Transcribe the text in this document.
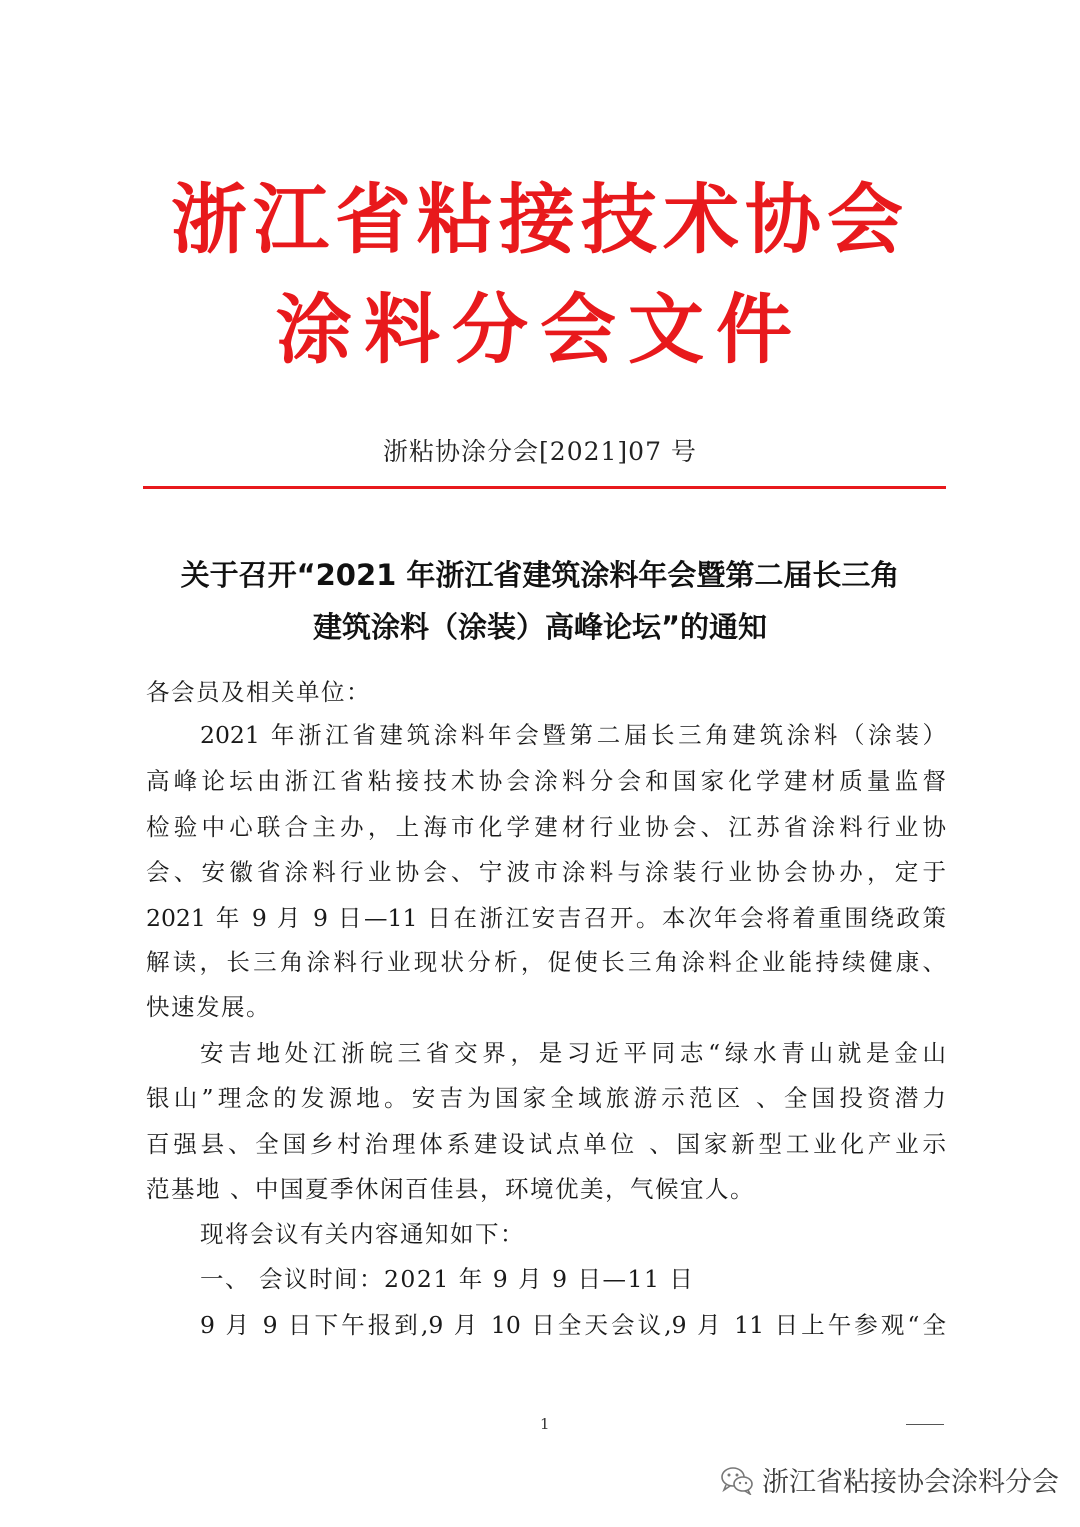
浙江省粘接技术协会
涂料分会文件
浙粘协涂分会[2021]07 号
关于召开“2021 年浙江省建筑涂料年会暨第二届长三角
建筑涂料（涂装）高峰论坛”的通知
各会员及相关单位：
2021 年浙江省建筑涂料年会暨第二届长三角建筑涂料（涂装）
高峰论坛由浙江省粘接技术协会涂料分会和国家化学建材质量监督
检验中心联合主办，上海市化学建材行业协会、江苏省涂料行业协
会、安徽省涂料行业协会、宁波市涂料与涂装行业协会协办，定于
2021 年 9 月 9 日—11 日在浙江安吉召开。本次年会将着重围绕政策
解读，长三角涂料行业现状分析，促使长三角涂料企业能持续健康、
快速发展。
安吉地处江浙皖三省交界，是习近平同志“绿水青山就是金山
银山”理念的发源地。安吉为国家全域旅游示范区 、全国投资潜力
百强县、全国乡村治理体系建设试点单位 、国家新型工业化产业示
范基地 、中国夏季休闲百佳县，环境优美，气候宜人。
现将会议有关内容通知如下：
一、 会议时间：2021 年 9 月 9 日—11 日
9 月 9 日下午报到,9 月 10 日全天会议,9 月 11 日上午参观“全
1
浙江省粘接协会涂料分会
